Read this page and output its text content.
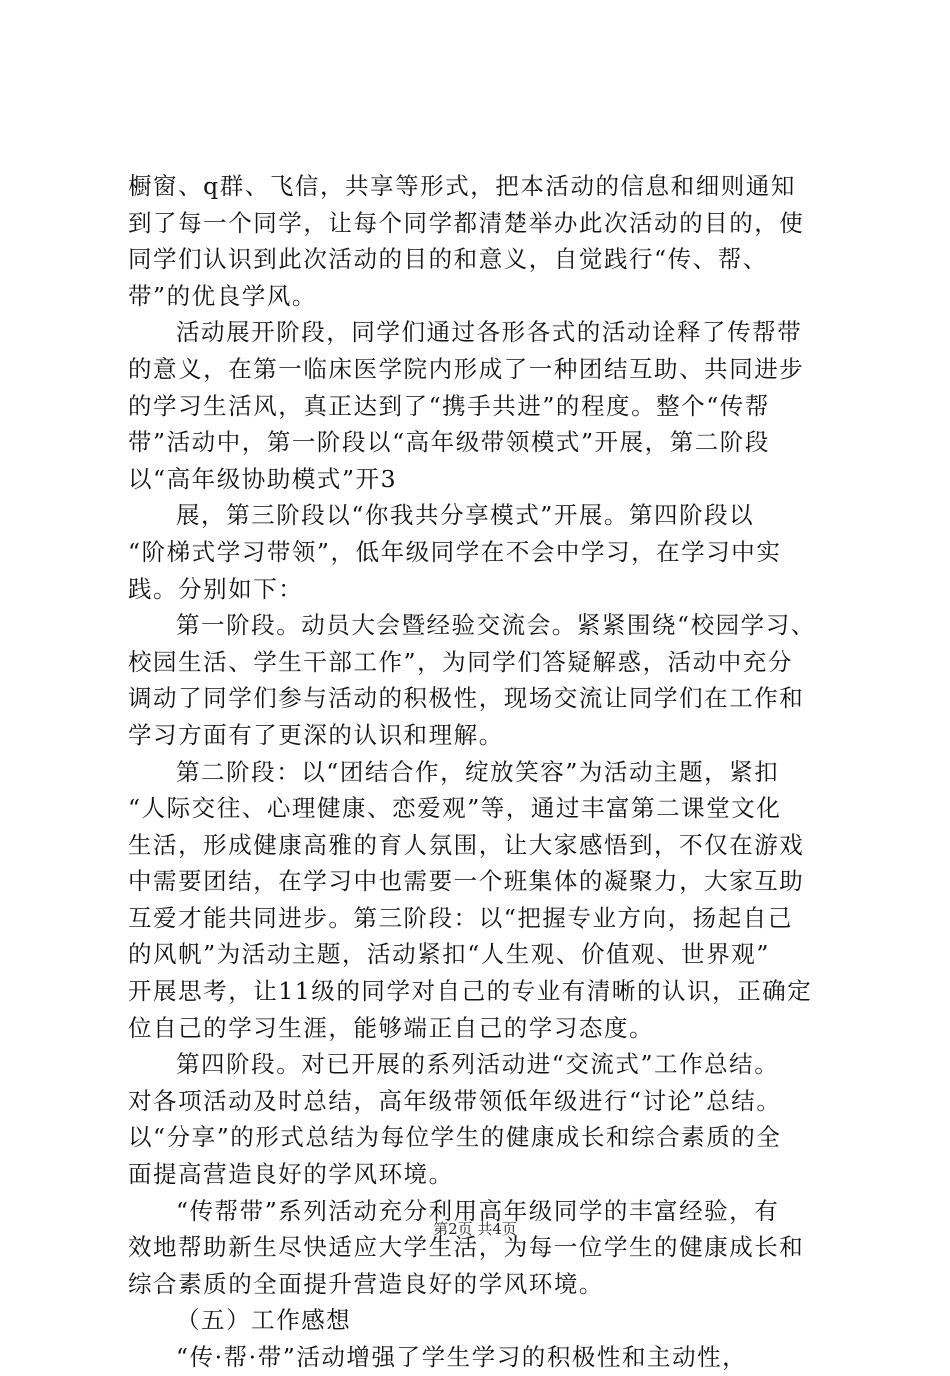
橱窗、q群、飞信，共享等形式，把本活动的信息和细则通知
到了每一个同学，让每个同学都清楚举办此次活动的目的，使
同学们认识到此次活动的目的和意义，自觉践行“传、帮、
带”的优良学风。
活动展开阶段，同学们通过各形各式的活动诠释了传帮带
的意义，在第一临床医学院内形成了一种团结互助、共同进步
的学习生活风，真正达到了“携手共进”的程度。整个“传帮
带”活动中，第一阶段以“高年级带领模式”开展，第二阶段
以“高年级协助模式”开3
展，第三阶段以“你我共分享模式”开展。第四阶段以
“阶梯式学习带领”，低年级同学在不会中学习，在学习中实
践。分别如下：
第一阶段。动员大会暨经验交流会。紧紧围绕“校园学习、
校园生活、学生干部工作”，为同学们答疑解惑，活动中充分
调动了同学们参与活动的积极性，现场交流让同学们在工作和
学习方面有了更深的认识和理解。
第二阶段：以“团结合作，绽放笑容”为活动主题，紧扣
“人际交往、心理健康、恋爱观”等，通过丰富第二课堂文化
生活，形成健康高雅的育人氛围，让大家感悟到，不仅在游戏
中需要团结，在学习中也需要一个班集体的凝聚力，大家互助
互爱才能共同进步。第三阶段：以“把握专业方向，扬起自己
的风帆”为活动主题，活动紧扣“人生观、价值观、世界观”
开展思考，让11级的同学对自己的专业有清晰的认识，正确定
位自己的学习生涯，能够端正自己的学习态度。
第四阶段。对已开展的系列活动进“交流式”工作总结。
对各项活动及时总结，高年级带领低年级进行“讨论”总结。
以“分享”的形式总结为每位学生的健康成长和综合素质的全
面提高营造良好的学风环境。
“传帮带”系列活动充分利用高年级同学的丰富经验，有
效地帮助新生尽快适应大学生活，为每一位学生的健康成长和
综合素质的全面提升营造良好的学风环境。
（五）工作感想
“传·帮·带”活动增强了学生学习的积极性和主动性，
第2页 共4页
